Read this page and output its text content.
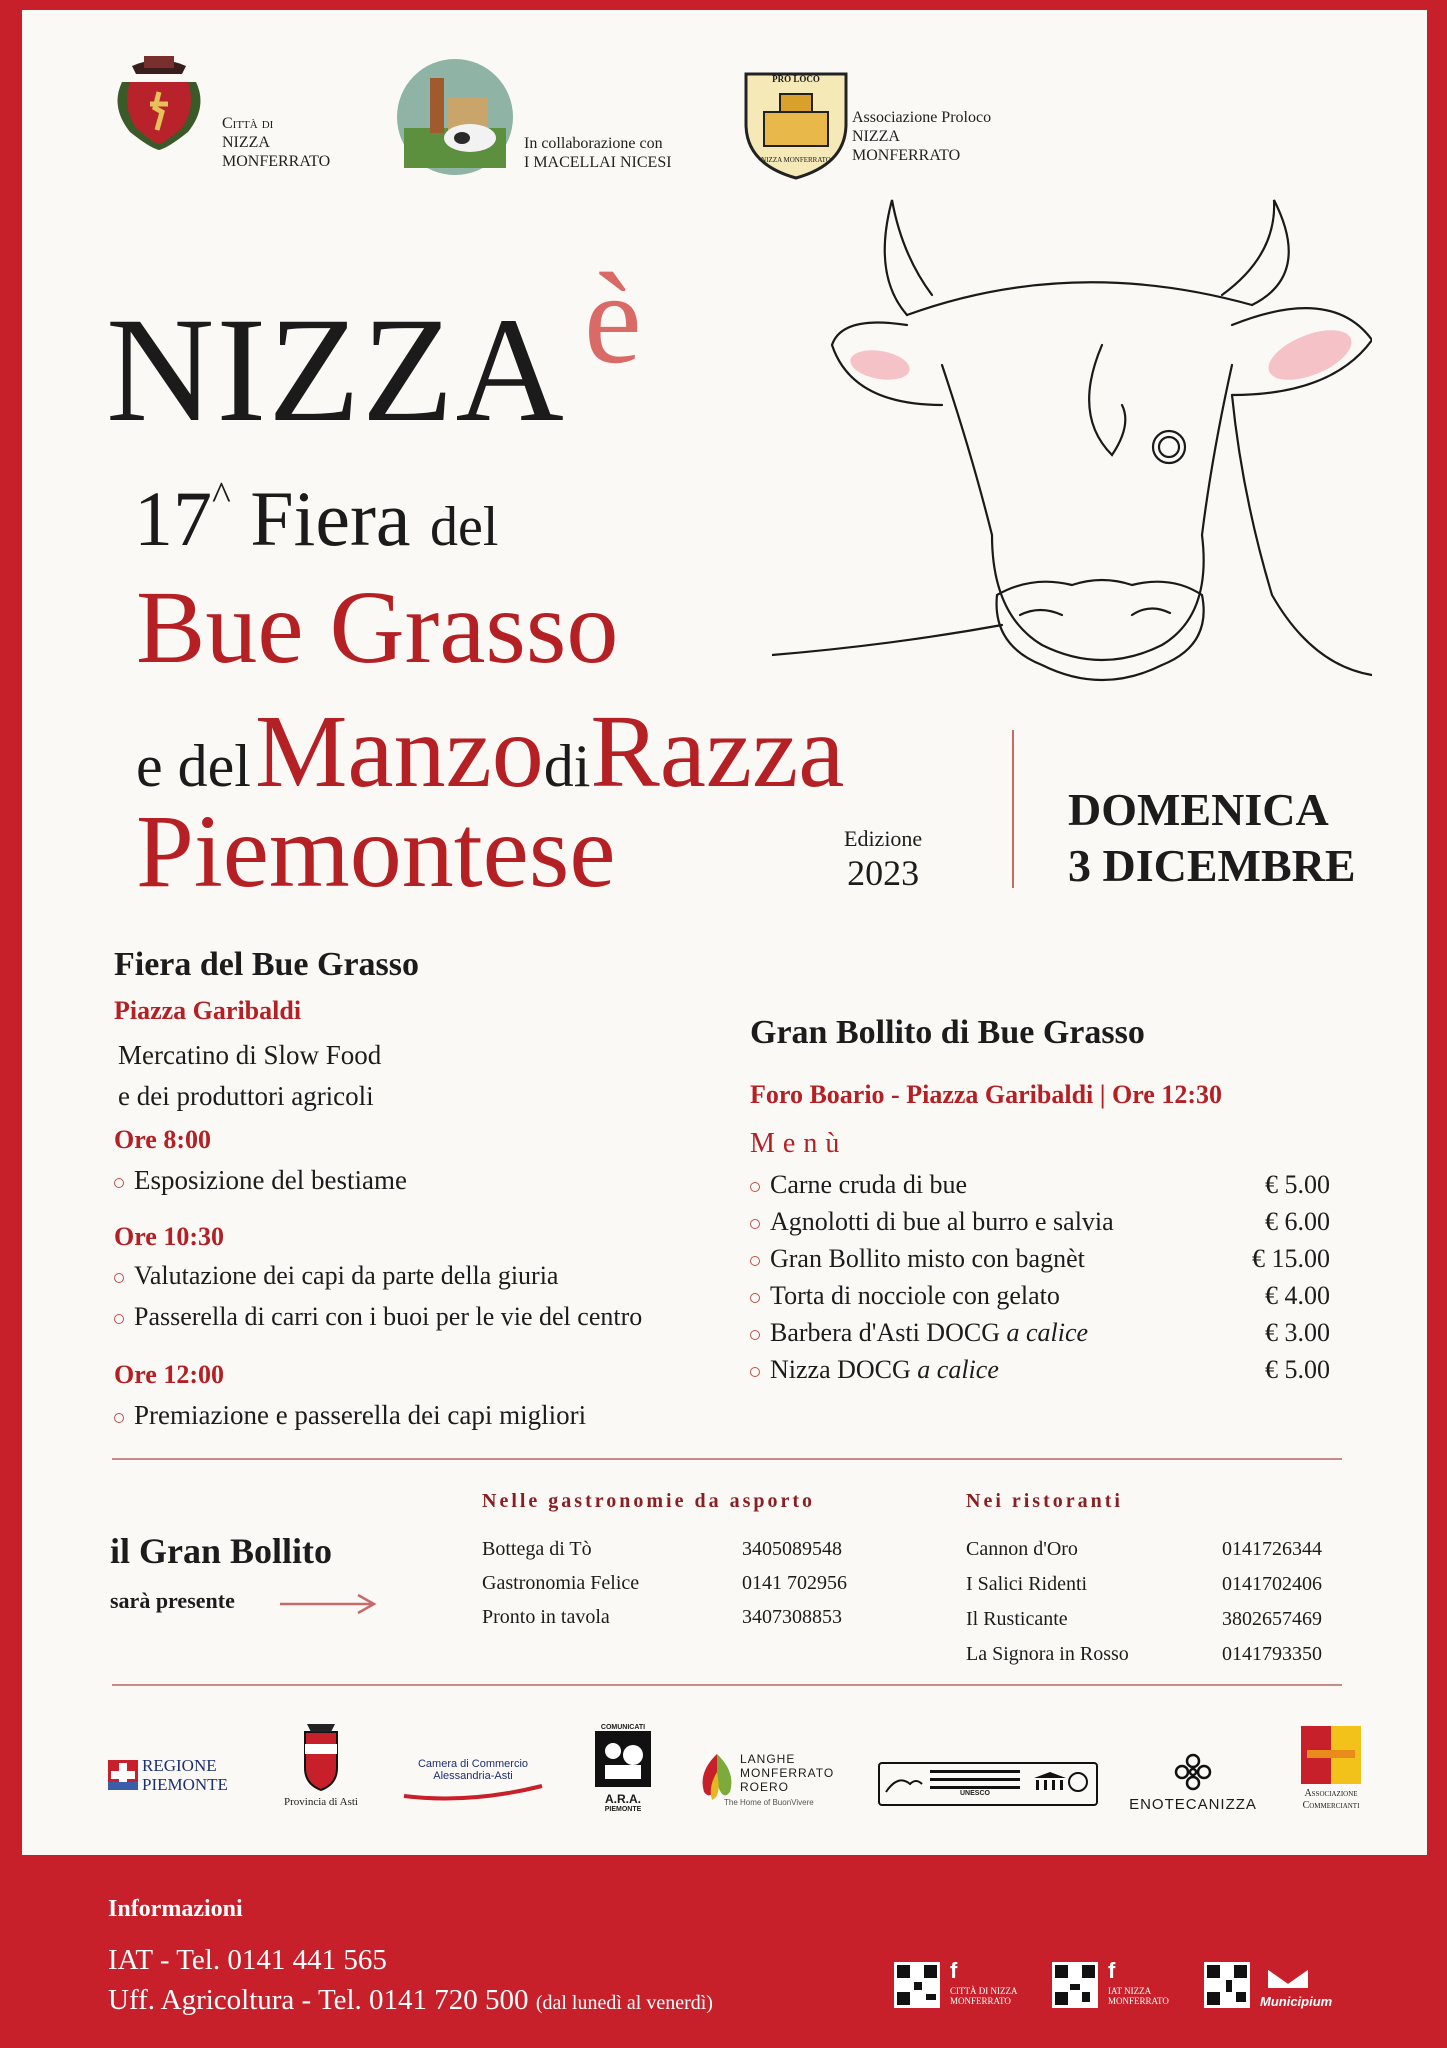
Città di
NIZZA
MONFERRATO
In collaborazione con
I MACELLAI NICESI
PRO LOCO
NIZZA MONFERRATO
Associazione Proloco
NIZZA
MONFERRATO
NIZZA è
17^ Fiera del
Bue Grasso
e del ManzodiRazza
Piemontese	Edizione
2023
DOMENICA
3 DICEMBRE
Fiera del Bue Grasso
Piazza Garibaldi
Mercatino di Slow Food
e dei produttori agricoli
Ore 8:00
Esposizione del bestiame
Ore 10:30
Valutazione dei capi da parte della giuria
Passerella di carri con i buoi per le vie del centro
Ore 12:00
Premiazione e passerella dei capi migliori
Gran Bollito di Bue Grasso
Foro Boario - Piazza Garibaldi | Ore 12:30
Menù
Carne cruda di bue	€ 5.00
Agnolotti di bue al burro e salvia	€ 6.00
Gran Bollito misto con bagnèt	€ 15.00
Torta di nocciole con gelato	€ 4.00
Barbera d'Asti DOCG a calice	€ 3.00
Nizza DOCG a calice	€ 5.00
il Gran Bollito
sarà presente
Nelle gastronomie da asporto
Bottega di Tò	3405089548
Gastronomia Felice	0141 702956
Pronto in tavola	3407308853
Nei ristoranti
Cannon d'Oro	0141726344
I Salici Ridenti	0141702406
Il Rusticante	3802657469
La Signora in Rosso	0141793350
REGIONE
PIEMONTE
Provincia di Asti
Camera di Commercio
Alessandria-Asti
COMUNICATI
A.R.A.
PIEMONTE
LANGHE
MONFERRATO
ROERO
The Home of BuonVivere
UNESCO
ENOTECANIZZA
Associazione
Commercianti
Informazioni
IAT - Tel. 0141 441 565
Uff. Agricoltura - Tel. 0141 720 500 (dal lunedì al venerdì)
f
CITTÀ DI NIZZA
MONFERRATO
f
IAT NIZZA
MONFERRATO	Municipium
